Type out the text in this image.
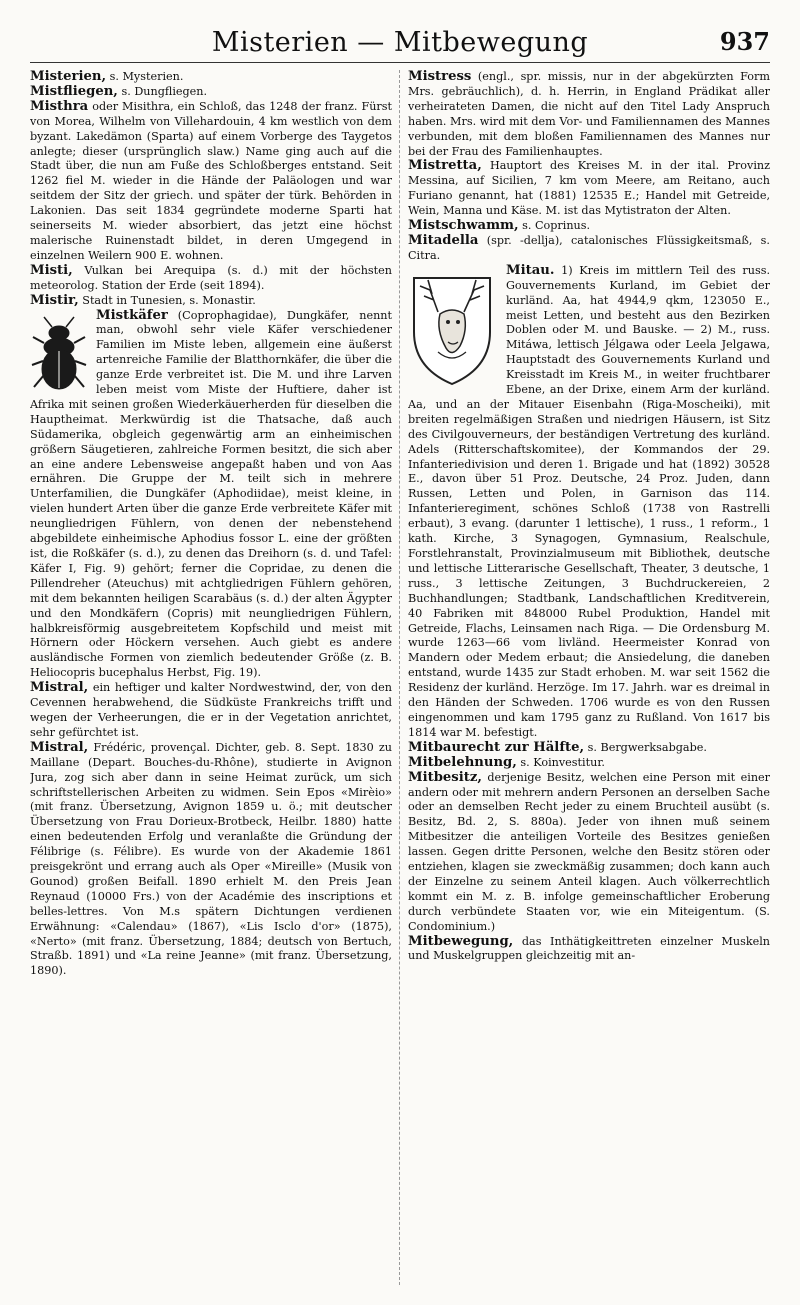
Misterien — Mitbewegung	937

Misterien, s. Mysterien.

Mistfliegen, s. Dungfliegen.

Misthra oder Misithra, ein Schloß, das 1248 der franz. Fürst von Morea, Wilhelm von Villehardouin, 4 km westlich von dem byzant. Lakedämon (Sparta) auf einem Vorberge des Taygetos anlegte; dieser (ursprünglich slaw.) Name ging auch auf die Stadt über, die nun am Fuße des Schloßberges entstand. Seit 1262 fiel M. wieder in die Hände der Paläologen und war seitdem der Sitz der griech. und später der türk. Behörden in Lakonien. Das seit 1834 gegründete moderne Sparti hat seinerseits M. wieder absorbiert, das jetzt eine höchst malerische Ruinenstadt bildet, in deren Umgegend in einzelnen Weilern 900 E. wohnen.

Misti, Vulkan bei Arequipa (s. d.) mit der höchsten meteorolog. Station der Erde (seit 1894).

Mistir, Stadt in Tunesien, s. Monastir.

Mistkäfer (Coprophagidae), Dungkäfer, nennt man, obwohl sehr viele Käfer verschiedener Familien im Miste leben, allgemein eine äußerst artenreiche Familie der Blatthornkäfer, die über die ganze Erde verbreitet ist. Die M. und ihre Larven leben meist vom Miste der Huftiere, daher ist Afrika mit seinen großen Wiederkäuerherden für dieselben die Hauptheimat. Merkwürdig ist die Thatsache, daß auch Südamerika, obgleich gegenwärtig arm an einheimischen größern Säugetieren, zahlreiche Formen besitzt, die sich aber an eine andere Lebensweise angepaßt haben und von Aas ernähren. Die Gruppe der M. teilt sich in mehrere Unterfamilien, die Dungkäfer (Aphodiidae), meist kleine, in vielen hundert Arten über die ganze Erde verbreitete Käfer mit neungliedrigen Fühlern, von denen der nebenstehend abgebildete einheimische Aphodius fossor L. eine der größten ist, die Roßkäfer (s. d.), zu denen das Dreihorn (s. d. und Tafel: Käfer I, Fig. 9) gehört; ferner die Copridae, zu denen die Pillendreher (Ateuchus) mit achtgliedrigen Fühlern gehören, mit dem bekannten heiligen Scarabäus (s. d.) der alten Ägypter und den Mondkäfern (Copris) mit neungliedrigen Fühlern, halbkreisförmig ausgebreitetem Kopfschild und meist mit Hörnern oder Höckern versehen. Auch giebt es andere ausländische Formen von ziemlich bedeutender Größe (z. B. Heliocopris bucephalus Herbst, Fig. 19).

Mistral, ein heftiger und kalter Nordwestwind, der, von den Cevennen herabwehend, die Südküste Frankreichs trifft und wegen der Verheerungen, die er in der Vegetation anrichtet, sehr gefürchtet ist.

Mistral, Frédéric, provençal. Dichter, geb. 8. Sept. 1830 zu Maillane (Depart. Bouches-du-Rhône), studierte in Avignon Jura, zog sich aber dann in seine Heimat zurück, um sich schriftstellerischen Arbeiten zu widmen. Sein Epos «Mirèio» (mit franz. Übersetzung, Avignon 1859 u. ö.; mit deutscher Übersetzung von Frau Dorieux-Brotbeck, Heilbr. 1880) hatte einen bedeutenden Erfolg und veranlaßte die Gründung der Félibrige (s. Félibre). Es wurde von der Akademie 1861 preisgekrönt und errang auch als Oper «Mireille» (Musik von Gounod) großen Beifall. 1890 erhielt M. den Preis Jean Reynaud (10000 Frs.) von der Académie des inscriptions et belles-lettres. Von M.s spätern Dichtungen verdienen Erwähnung: «Calendau» (1867), «Lis Isclo d'or» (1875), «Nerto» (mit franz. Übersetzung, 1884; deutsch von Bertuch, Straßb. 1891) und «La reine Jeanne» (mit franz. Übersetzung, 1890).

Mistress (engl., spr. missis, nur in der abgekürzten Form Mrs. gebräuchlich), d. h. Herrin, in England Prädikat aller verheirateten Damen, die nicht auf den Titel Lady Anspruch haben. Mrs. wird mit dem Vor- und Familiennamen des Mannes verbunden, mit dem bloßen Familiennamen des Mannes nur bei der Frau des Familienhauptes.

Mistretta, Hauptort des Kreises M. in der ital. Provinz Messina, auf Sicilien, 7 km vom Meere, am Reitano, auch Furiano genannt, hat (1881) 12535 E.; Handel mit Getreide, Wein, Manna und Käse. M. ist das Mytistraton der Alten.

Mistschwamm, s. Coprinus.

Mitadella (spr. -dellja), catalonisches Flüssigkeitsmaß, s. Citra.

Mitau. 1) Kreis im mittlern Teil des russ. Gouvernements Kurland, im Gebiet der kurländ. Aa, hat 4944,9 qkm, 123050 E., meist Letten, und besteht aus den Bezirken Doblen oder M. und Bauske. — 2) M., russ. Mitáwa, lettisch Jélgawa oder Leela Jelgawa, Hauptstadt des Gouvernements Kurland und Kreisstadt im Kreis M., in weiter fruchtbarer Ebene, an der Drixe, einem Arm der kurländ. Aa, und an der Mitauer Eisenbahn (Riga-Moscheiki), mit breiten regelmäßigen Straßen und niedrigen Häusern, ist Sitz des Civilgouverneurs, der beständigen Vertretung des kurländ. Adels (Ritterschaftskomitee), der Kommandos der 29. Infanteriedivision und deren 1. Brigade und hat (1892) 30528 E., davon über 51 Proz. Deutsche, 24 Proz. Juden, dann Russen, Letten und Polen, in Garnison das 114. Infanterieregiment, schönes Schloß (1738 von Rastrelli erbaut), 3 evang. (darunter 1 lettische), 1 russ., 1 reform., 1 kath. Kirche, 3 Synagogen, Gymnasium, Realschule, Forstlehranstalt, Provinzialmuseum mit Bibliothek, deutsche und lettische Litterarische Gesellschaft, Theater, 3 deutsche, 1 russ., 3 lettische Zeitungen, 3 Buchdruckereien, 2 Buchhandlungen; Stadtbank, Landschaftlichen Kreditverein, 40 Fabriken mit 848000 Rubel Produktion, Handel mit Getreide, Flachs, Leinsamen nach Riga. — Die Ordensburg M. wurde 1263—66 vom livländ. Heermeister Konrad von Mandern oder Medem erbaut; die Ansiedelung, die daneben entstand, wurde 1435 zur Stadt erhoben. M. war seit 1562 die Residenz der kurländ. Herzöge. Im 17. Jahrh. war es dreimal in den Händen der Schweden. 1706 wurde es von den Russen eingenommen und kam 1795 ganz zu Rußland. Von 1617 bis 1814 war M. befestigt.

Mitbaurecht zur Hälfte, s. Bergwerksabgabe.

Mitbelehnung, s. Koinvestitur.

Mitbesitz, derjenige Besitz, welchen eine Person mit einer andern oder mit mehrern andern Personen an derselben Sache oder an demselben Recht jeder zu einem Bruchteil ausübt (s. Besitz, Bd. 2, S. 880a). Jeder von ihnen muß seinem Mitbesitzer die anteiligen Vorteile des Besitzes genießen lassen. Gegen dritte Personen, welche den Besitz stören oder entziehen, klagen sie zweckmäßig zusammen; doch kann auch der Einzelne zu seinem Anteil klagen. Auch völkerrechtlich kommt ein M. z. B. infolge gemeinschaftlicher Eroberung durch verbündete Staaten vor, wie ein Miteigentum. (S. Condominium.)

Mitbewegung, das Inthätigkeittreten einzelner Muskeln und Muskelgruppen gleichzeitig mit an-
